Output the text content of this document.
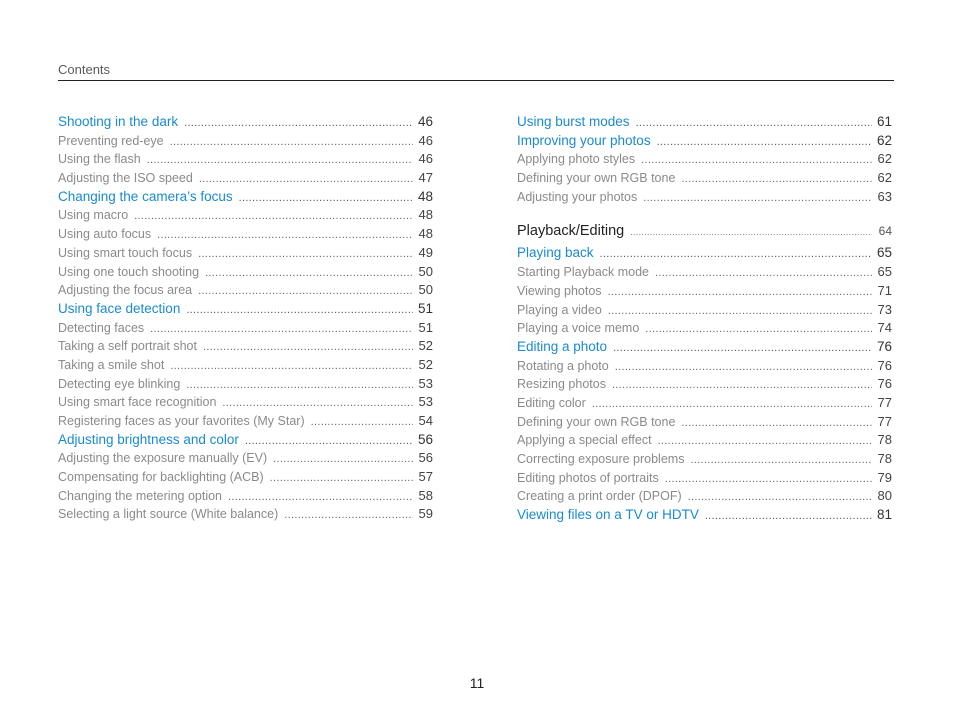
Contents
Shooting in the dark .....	46
Preventing red-eye .....	46
Using the flash .....	46
Adjusting the ISO speed .....	47
Changing the camera’s focus .....	48
Using macro .....	48
Using auto focus .....	48
Using smart touch focus .....	49
Using one touch shooting .....	50
Adjusting the focus area .....	50
Using face detection .....	51
Detecting faces .....	51
Taking a self portrait shot .....	52
Taking a smile shot .....	52
Detecting eye blinking .....	53
Using smart face recognition .....	53
Registering faces as your favorites (My Star) .....	54
Adjusting brightness and color .....	56
Adjusting the exposure manually (EV) .....	56
Compensating for backlighting (ACB) .....	57
Changing the metering option .....	58
Selecting a light source (White balance) .....	59
Using burst modes .....	61
Improving your photos .....	62
Applying photo styles .....	62
Defining your own RGB tone .....	62
Adjusting your photos .....	63
Playback/Editing .....	64
Playing back .....	65
Starting Playback mode .....	65
Viewing photos .....	71
Playing a video .....	73
Playing a voice memo .....	74
Editing a photo .....	76
Rotating a photo .....	76
Resizing photos .....	76
Editing color .....	77
Defining your own RGB tone .....	77
Applying a special effect .....	78
Correcting exposure problems .....	78
Editing photos of portraits .....	79
Creating a print order (DPOF) .....	80
Viewing files on a TV or HDTV .....	81
11
